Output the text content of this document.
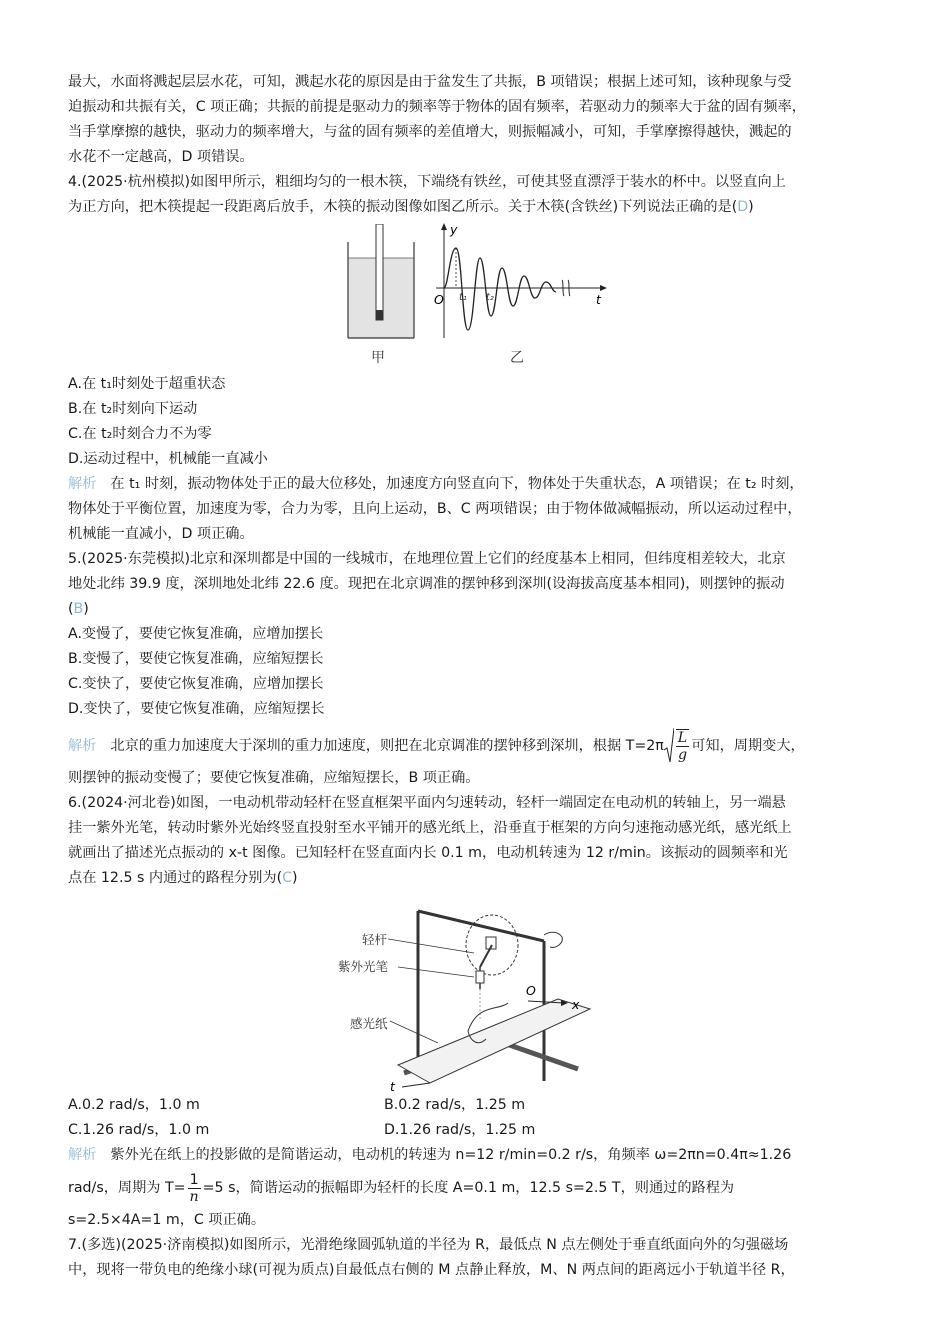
最大，水面将溅起层层水花，可知，溅起水花的原因是由于盆发生了共振，B 项错误；根据上述可知，该种现象与受
迫振动和共振有关，C 项正确；共振的前提是驱动力的频率等于物体的固有频率，若驱动力的频率大于盆的固有频率，
当手掌摩擦的越快，驱动力的频率增大，与盆的固有频率的差值增大，则振幅减小，可知，手掌摩擦得越快，溅起的
水花不一定越高，D 项错误。
4.(2025·杭州模拟)如图甲所示，粗细均匀的一根木筷，下端绕有铁丝，可使其竖直漂浮于装水的杯中。以竖直向上
为正方向，把木筷提起一段距离后放手，木筷的振动图像如图乙所示。关于木筷(含铁丝)下列说法正确的是(D)
y
t
O t₁ t₂
甲	乙
A.在 t₁时刻处于超重状态
B.在 t₂时刻向下运动
C.在 t₂时刻合力不为零
D.运动过程中，机械能一直减小
解析 在 t₁ 时刻，振动物体处于正的最大位移处，加速度方向竖直向下，物体处于失重状态，A 项错误；在 t₂ 时刻，
物体处于平衡位置，加速度为零，合力为零，且向上运动，B、C 两项错误；由于物体做减幅振动，所以运动过程中，
机械能一直减小，D 项正确。
5.(2025·东莞模拟)北京和深圳都是中国的一线城市，在地理位置上它们的经度基本上相同，但纬度相差较大，北京
地处北纬 39.9 度，深圳地处北纬 22.6 度。现把在北京调准的摆钟移到深圳(设海拔高度基本相同)，则摆钟的振动
(B)
A.变慢了，要使它恢复准确，应增加摆长
B.变慢了，要使它恢复准确，应缩短摆长
C.变快了，要使它恢复准确，应增加摆长
D.变快了，要使它恢复准确，应缩短摆长
解析 北京的重力加速度大于深圳的重力加速度，则把在北京调准的摆钟移到深圳，根据 $T=2\pi \frac{L}{g}$ 可知，周期变大，
则摆钟的振动变慢了；要使它恢复准确，应缩短摆长，B 项正确。
6.(2024·河北卷)如图，一电动机带动轻杆在竖直框架平面内匀速转动，轻杆一端固定在电动机的转轴上，另一端悬
挂一紫外光笔，转动时紫外光始终竖直投射至水平铺开的感光纸上，沿垂直于框架的方向匀速拖动感光纸，感光纸上
就画出了描述光点振动的 x-t 图像。已知轻杆在竖直面内长 0.1 m，电动机转速为 12 r/min。该振动的圆频率和光
点在 12.5 s 内通过的路程分别为(C)
O
x
t
轻杆
紫外光笔
感光纸
A.0.2 rad/s，1.0 m	B.0.2 rad/s，1.25 m
C.1.26 rad/s，1.0 m	D.1.26 rad/s，1.25 m
解析 紫外光在纸上的投影做的是简谐运动，电动机的转速为 n=12 r/min=0.2 r/s，角频率 ω=2πn=0.4π≈1.26
rad/s，周期为 $T= \frac{1}{n} =5$ s，简谐运动的振幅即为轻杆的长度 A=0.1 m，12.5 s=2.5 T，则通过的路程为
s=2.5×4A=1 m，C 项正确。
7.(多选)(2025·济南模拟)如图所示，光滑绝缘圆弧轨道的半径为 R，最低点 N 点左侧处于垂直纸面向外的匀强磁场
中，现将一带负电的绝缘小球(可视为质点)自最低点右侧的 M 点静止释放，M、N 两点间的距离远小于轨道半径 R，
